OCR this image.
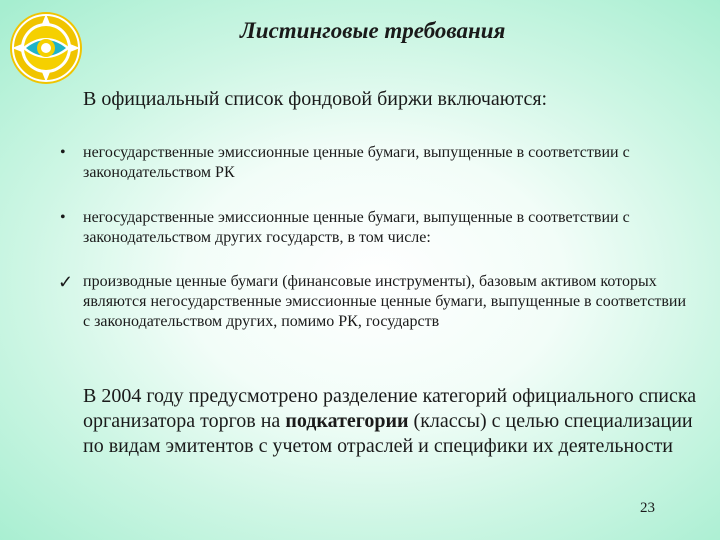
Листинговые требования
В официальный список фондовой биржи включаются:
• негосударственные эмиссионные ценные бумаги, выпущенные в соответствии с законодательством РК
• негосударственные эмиссионные ценные бумаги, выпущенные в соответствии с законодательством других государств, в том числе:
✓ производные ценные бумаги (финансовые инструменты), базовым активом которых являются негосударственные эмиссионные ценные бумаги, выпущенные в соответствии с законодательством других, помимо РК, государств
В 2004 году предусмотрено разделение категорий официального списка организатора торгов на подкатегории (классы) с целью специализации по видам эмитентов с учетом отраслей и специфики их деятельности
23
